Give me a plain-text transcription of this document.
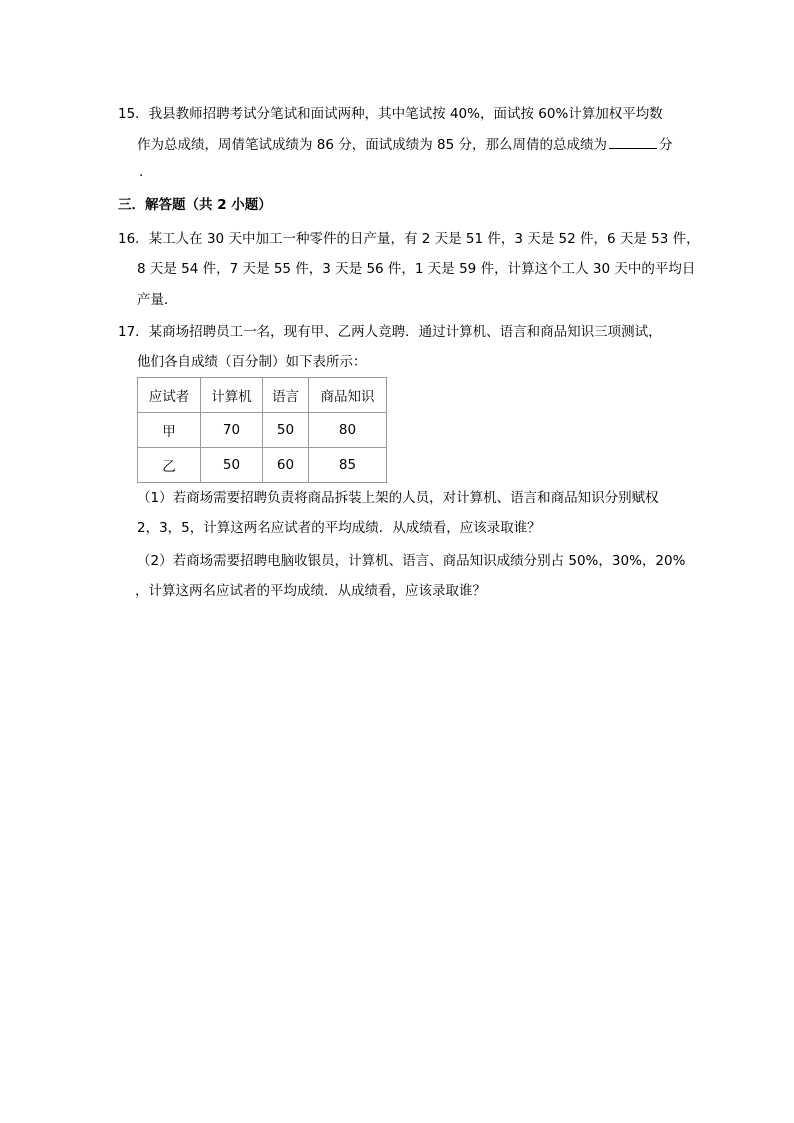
15．我县教师招聘考试分笔试和面试两种，其中笔试按 40%，面试按 60%计算加权平均数
作为总成绩，周倩笔试成绩为 86 分，面试成绩为 85 分，那么周倩的总成绩为	分
.
三．解答题（共 2 小题）
16．某工人在 30 天中加工一种零件的日产量，有 2 天是 51 件，3 天是 52 件，6 天是 53 件，
8 天是 54 件，7 天是 55 件，3 天是 56 件，1 天是 59 件，计算这个工人 30 天中的平均日
产量．
17．某商场招聘员工一名，现有甲、乙两人竞聘．通过计算机、语言和商品知识三项测试，
他们各自成绩（百分制）如下表所示：
应试者	计算机	语言	商品知识
甲	70	50	80
乙	50	60	85
（1）若商场需要招聘负责将商品拆装上架的人员，对计算机、语言和商品知识分别赋权
2，3，5，计算这两名应试者的平均成绩．从成绩看，应该录取谁？
（2）若商场需要招聘电脑收银员，计算机、语言、商品知识成绩分别占 50%，30%，20%
，计算这两名应试者的平均成绩．从成绩看，应该录取谁？
